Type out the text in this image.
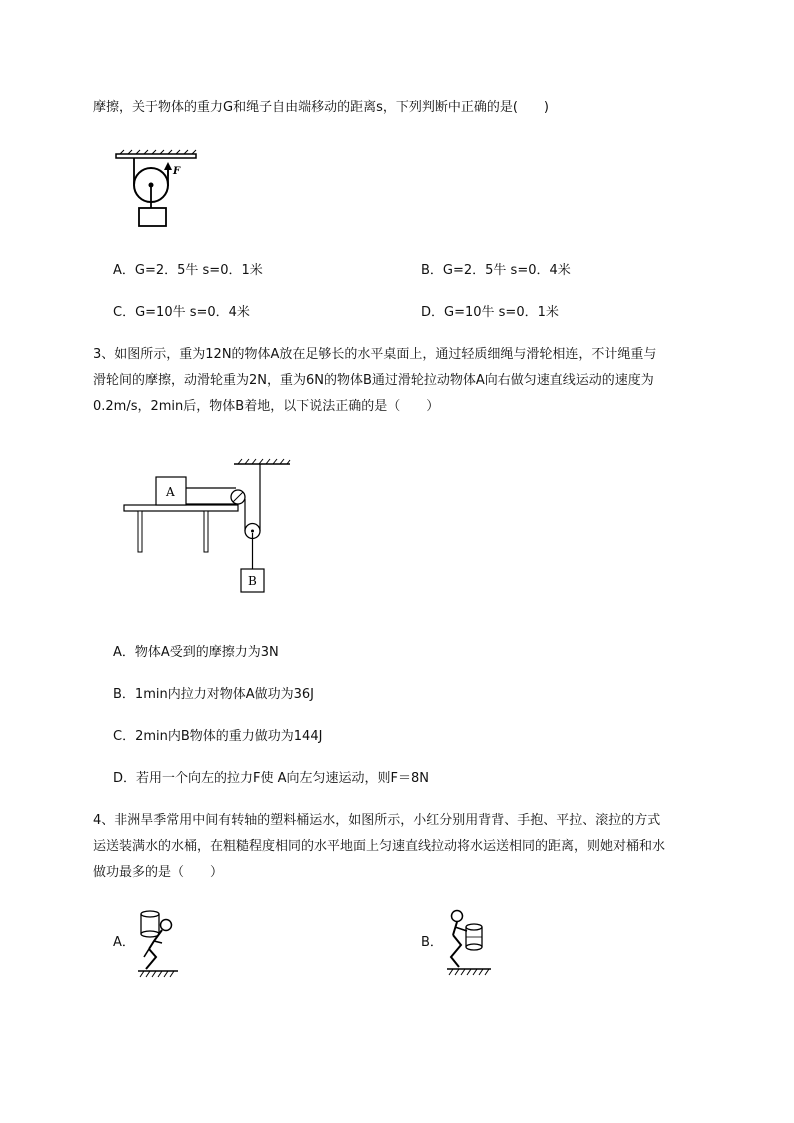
摩擦，关于物体的重力G和绳子自由端移动的距离s，下列判断中正确的是(　　)
F
A．G=2．5牛 s=0．1米	B．G=2．5牛 s=0．4米
C．G=10牛 s=0．4米	D．G=10牛 s=0．1米
3、如图所示，重为12N的物体A放在足够长的水平桌面上，通过轻质细绳与滑轮相连，不计绳重与
滑轮间的摩擦，动滑轮重为2N，重为6N的物体B通过滑轮拉动物体A向右做匀速直线运动的速度为
0.2m/s，2min后，物体B着地，以下说法正确的是（　　）
A
B
A．物体A受到的摩擦力为3N
B．1min内拉力对物体A做功为36J
C．2min内B物体的重力做功为144J
D．若用一个向左的拉力F使 A向左匀速运动，则F＝8N
4、非洲旱季常用中间有转轴的塑料桶运水，如图所示，小红分别用背背、手抱、平拉、滚拉的方式
运送装满水的水桶，在粗糙程度相同的水平地面上匀速直线拉动将水运送相同的距离，则她对桶和水
做功最多的是（　　）
A．	B．
